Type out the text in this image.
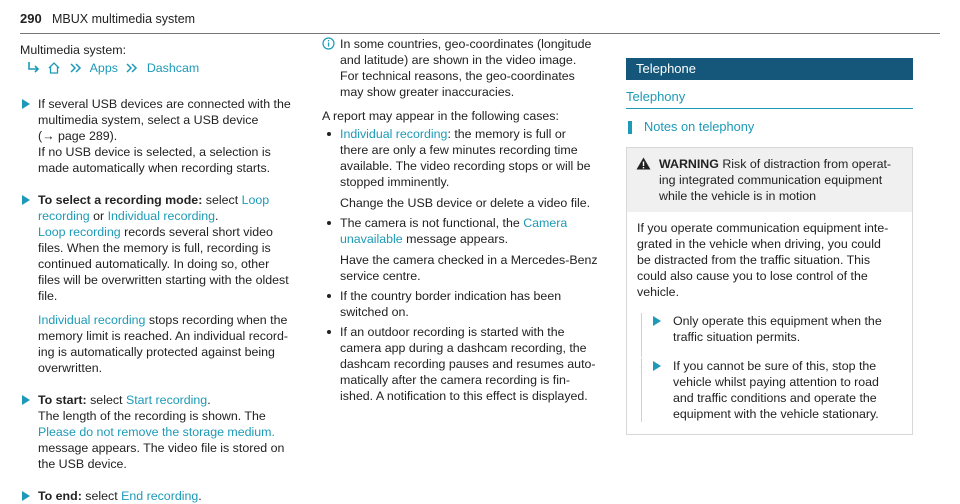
290 MBUX multimedia system

Multimedia system:

Apps Dashcam

If several USB devices are connected with the

multimedia system, select a USB device

(→ page 289).

If no USB device is selected, a selection is

made automatically when recording starts.

To select a recording mode: select Loop

recording or Individual recording.

Loop recording records several short video

files. When the memory is full, recording is

continued automatically. In doing so, other

files will be overwritten starting with the oldest

file.

Individual recording stops recording when the

memory limit is reached. An individual record-

ing is automatically protected against being

overwritten.

To start: select Start recording.

The length of the recording is shown. The

Please do not remove the storage medium.

message appears. The video file is stored on

the USB device.

To end: select End recording.

In some countries, geo-coordinates (longitude

and latitude) are shown in the video image.

For technical reasons, the geo-coordinates

may show greater inaccuracies.

A report may appear in the following cases:

Individual recording: the memory is full or

there are only a few minutes recording time

available. The video recording stops or will be

stopped imminently.

Change the USB device or delete a video file.

The camera is not functional, the Camera

unavailable message appears.

Have the camera checked in a Mercedes-Benz

service centre.

If the country border indication has been

switched on.

If an outdoor recording is started with the

camera app during a dashcam recording, the

dashcam recording pauses and resumes auto-

matically after the camera recording is fin-

ished. A notification to this effect is displayed.

Telephone
Telephony
Notes on telephony

WARNING Risk of distraction from operat-

ing integrated communication equipment

while the vehicle is in motion

If you operate communication equipment inte-

grated in the vehicle when driving, you could

be distracted from the traffic situation. This

could also cause you to lose control of the

vehicle.

Only operate this equipment when the

traffic situation permits.

If you cannot be sure of this, stop the

vehicle whilst paying attention to road

and traffic conditions and operate the

equipment with the vehicle stationary.
